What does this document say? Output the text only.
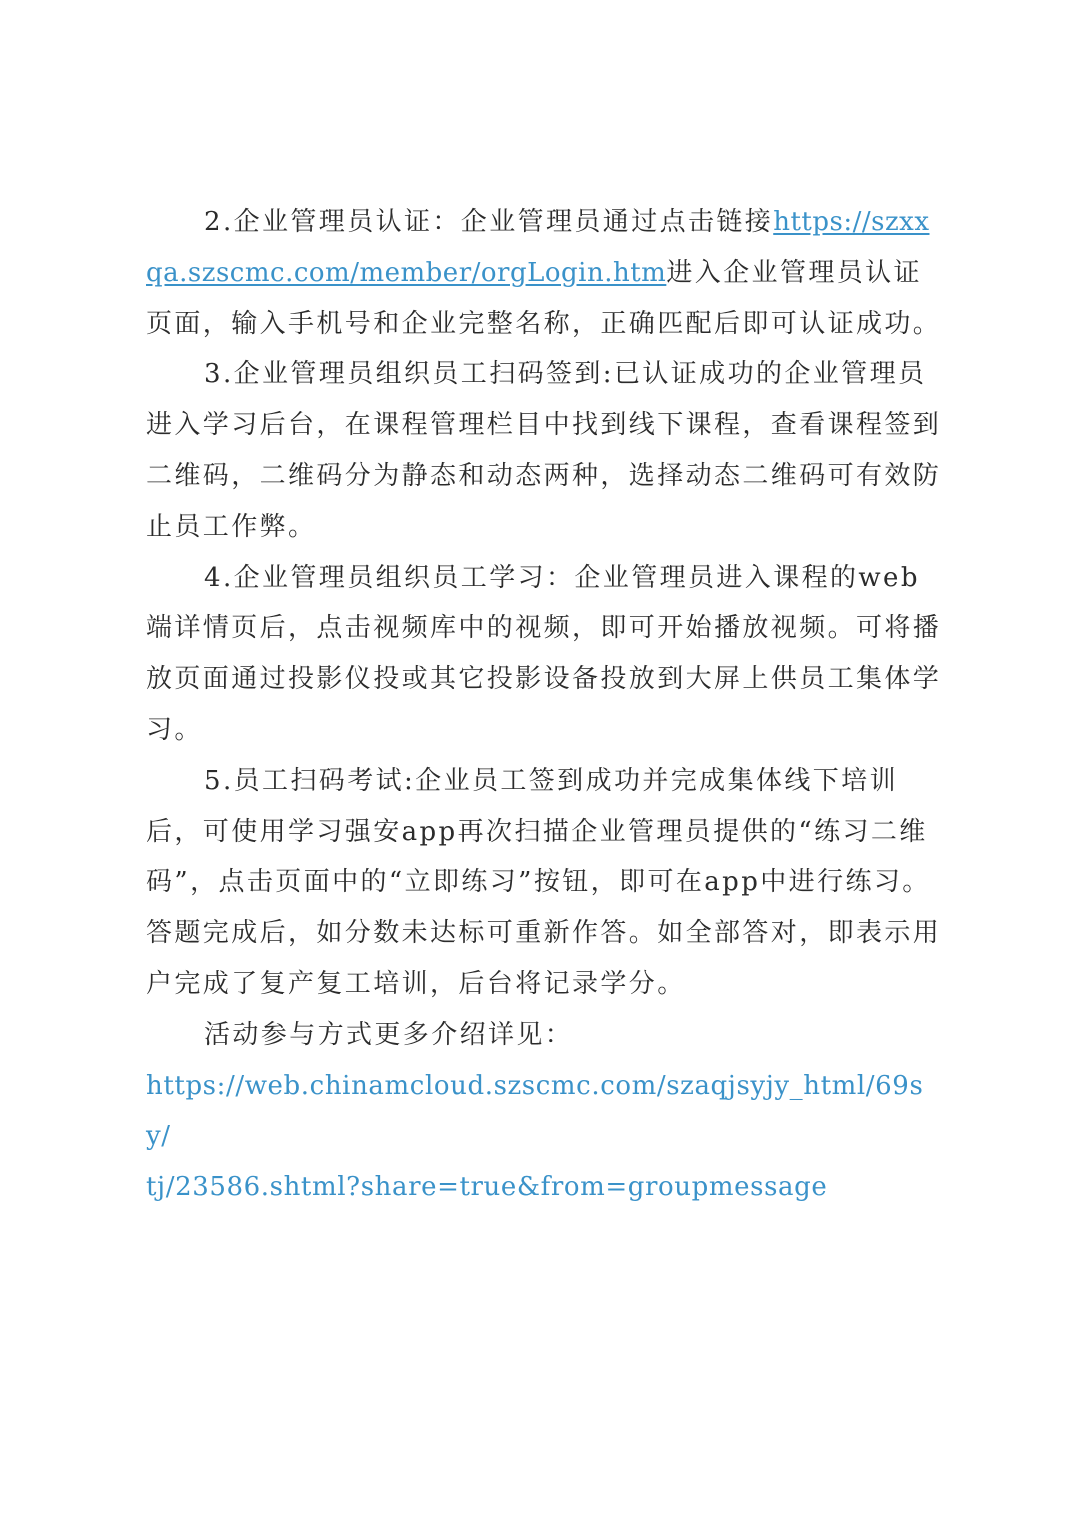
2.企业管理员认证：企业管理员通过点击链接https://szxxqa.szscmc.com/member/orgLogin.htm进入企业管理员认证页面，输入手机号和企业完整名称，正确匹配后即可认证成功。

3.企业管理员组织员工扫码签到:已认证成功的企业管理员进入学习后台，在课程管理栏目中找到线下课程，查看课程签到二维码，二维码分为静态和动态两种，选择动态二维码可有效防止员工作弊。

4.企业管理员组织员工学习：企业管理员进入课程的web端详情页后，点击视频库中的视频，即可开始播放视频。可将播放页面通过投影仪投或其它投影设备投放到大屏上供员工集体学习。

5.员工扫码考试:企业员工签到成功并完成集体线下培训后，可使用学习强安app再次扫描企业管理员提供的“练习二维码”，点击页面中的“立即练习”按钮，即可在app中进行练习。答题完成后，如分数未达标可重新作答。如全部答对，即表示用户完成了复产复工培训，后台将记录学分。

活动参与方式更多介绍详见：

https://web.chinamcloud.szscmc.com/szaqjsyjy_html/69sy/
tj/23586.shtml?share=true&from=groupmessage
